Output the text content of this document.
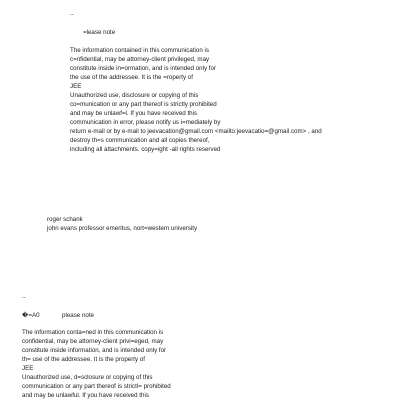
--
=lease note
The information contained in this communication is
c=nfidential, may be attorney-client privileged, may
constitute inside in=ormation, and is intended only for
the use of the addressee. It is the =roperty of
JEE
Unauthorized use, disclosure or copying of this
co=munication or any part thereof is strictly prohibited
and may be unlawf=l. If you have received this
communication in error, please notify us i=mediately by
return e-mail or by e-mail to jeevacation@gmail.com <mailto:jeevacatio=@gmail.com> , and
destroy th=s communication and all copies thereof,
including all attachments. copy=ight -all rights reserved
roger schank
john evans professor emeritus, nort=western university
--
�=A0	please note
The information conta=ned in this communication is
confidential, may be attorney-client privi=eged, may
constitute inside information, and is intended only for
th= use of the addressee. It is the property of
JEE
Unauthorized use, d=sclosure or copying of this
communication or any part thereof is strictl= prohibited
and may be unlawful. If you have received this
